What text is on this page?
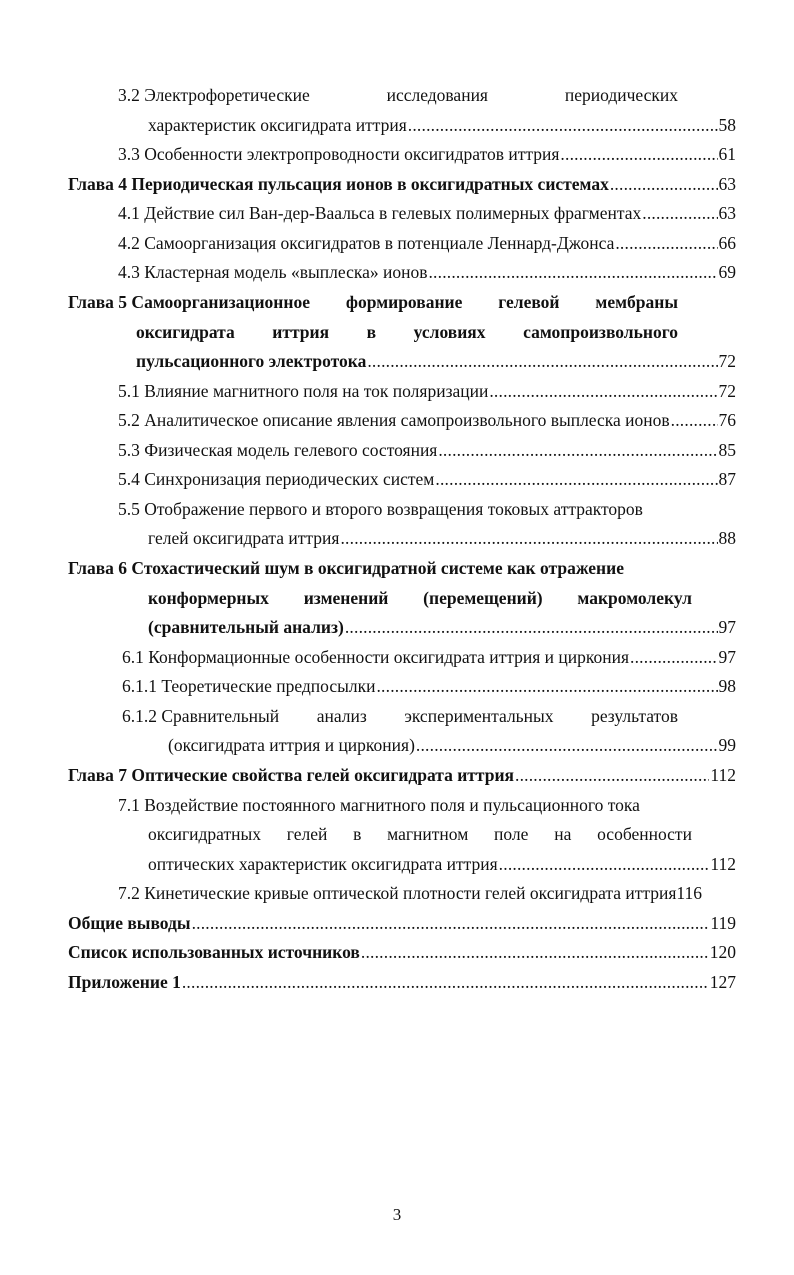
3.2 Электрофоретические	исследования	периодических
характеристик оксигидрата иттрия .....	58
3.3 Особенности электропроводности оксигидратов иттрия .....	61
Глава 4 Периодическая пульсация ионов в оксигидратных системах .....	63
4.1 Действие сил Ван-дер-Ваальса в гелевых полимерных фрагментах .....	63
4.2 Самоорганизация оксигидратов в потенциале Леннард-Джонса .....	66
4.3 Кластерная модель «выплеска» ионов .....	69
Глава 5 Самоорганизационное формирование гелевой мембраны
оксигидрата иттрия в условиях самопроизвольного
пульсационного электротока .....	72
5.1 Влияние магнитного поля на ток поляризации .....	72
5.2 Аналитическое описание явления самопроизвольного выплеска ионов .....	76
5.3 Физическая модель гелевого состояния .....	85
5.4 Синхронизация периодических систем .....	87
5.5 Отображение первого и второго возвращения токовых аттракторов
гелей оксигидрата иттрия .....	88
Глава 6 Стохастический шум в оксигидратной системе как отражение
конформерных изменений (перемещений) макромолекул
(сравнительный анализ) .....	97
6.1 Конформационные особенности оксигидрата иттрия и циркония .....	97
6.1.1 Теоретические предпосылки .....	98
6.1.2 Сравнительный анализ экспериментальных результатов
(оксигидрата иттрия и циркония) .....	99
Глава 7 Оптические свойства гелей оксигидрата иттрия .....	112
7.1 Воздействие постоянного магнитного поля и пульсационного тока
оксигидратных гелей в магнитном поле на особенности
оптических характеристик оксигидрата иттрия .....	112
7.2 Кинетические кривые оптической плотности гелей оксигидрата иттрия116
Общие выводы .....	119
Список использованных источников .....	120
Приложение 1 .....	127
3
